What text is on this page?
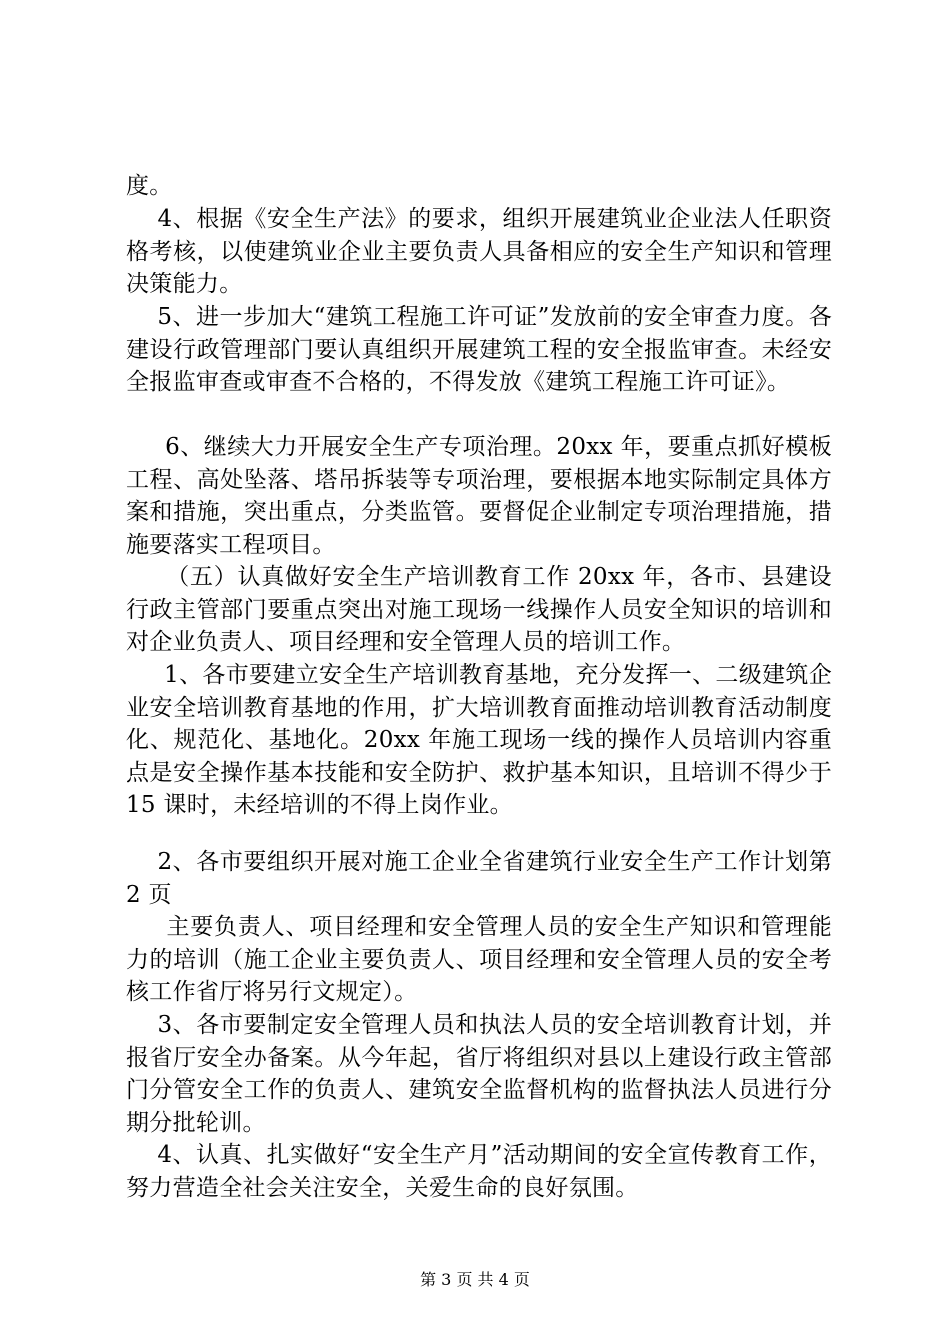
度。

4、根据《安全生产法》的要求，组织开展建筑业企业法人任职资格考核，以使建筑业企业主要负责人具备相应的安全生产知识和管理决策能力。

5、进一步加大“建筑工程施工许可证”发放前的安全审查力度。各建设行政管理部门要认真组织开展建筑工程的安全报监审查。未经安全报监审查或审查不合格的，不得发放《建筑工程施工许可证》。

6、继续大力开展安全生产专项治理。20xx 年，要重点抓好模板工程、高处坠落、塔吊拆装等专项治理，要根据本地实际制定具体方案和措施，突出重点，分类监管。要督促企业制定专项治理措施，措施要落实工程项目。

（五）认真做好安全生产培训教育工作 20xx 年，各市、县建设行政主管部门要重点突出对施工现场一线操作人员安全知识的培训和对企业负责人、项目经理和安全管理人员的培训工作。

1、各市要建立安全生产培训教育基地，充分发挥一、二级建筑企业安全培训教育基地的作用，扩大培训教育面推动培训教育活动制度化、规范化、基地化。20xx 年施工现场一线的操作人员培训内容重点是安全操作基本技能和安全防护、救护基本知识，且培训不得少于 15 课时，未经培训的不得上岗作业。

2、各市要组织开展对施工企业全省建筑行业安全生产工作计划第 2 页

主要负责人、项目经理和安全管理人员的安全生产知识和管理能力的培训（施工企业主要负责人、项目经理和安全管理人员的安全考核工作省厅将另行文规定）。

3、各市要制定安全管理人员和执法人员的安全培训教育计划，并报省厅安全办备案。从今年起，省厅将组织对县以上建设行政主管部门分管安全工作的负责人、建筑安全监督机构的监督执法人员进行分期分批轮训。

4、认真、扎实做好“安全生产月”活动期间的安全宣传教育工作，努力营造全社会关注安全，关爱生命的良好氛围。

第 3 页 共 4 页
